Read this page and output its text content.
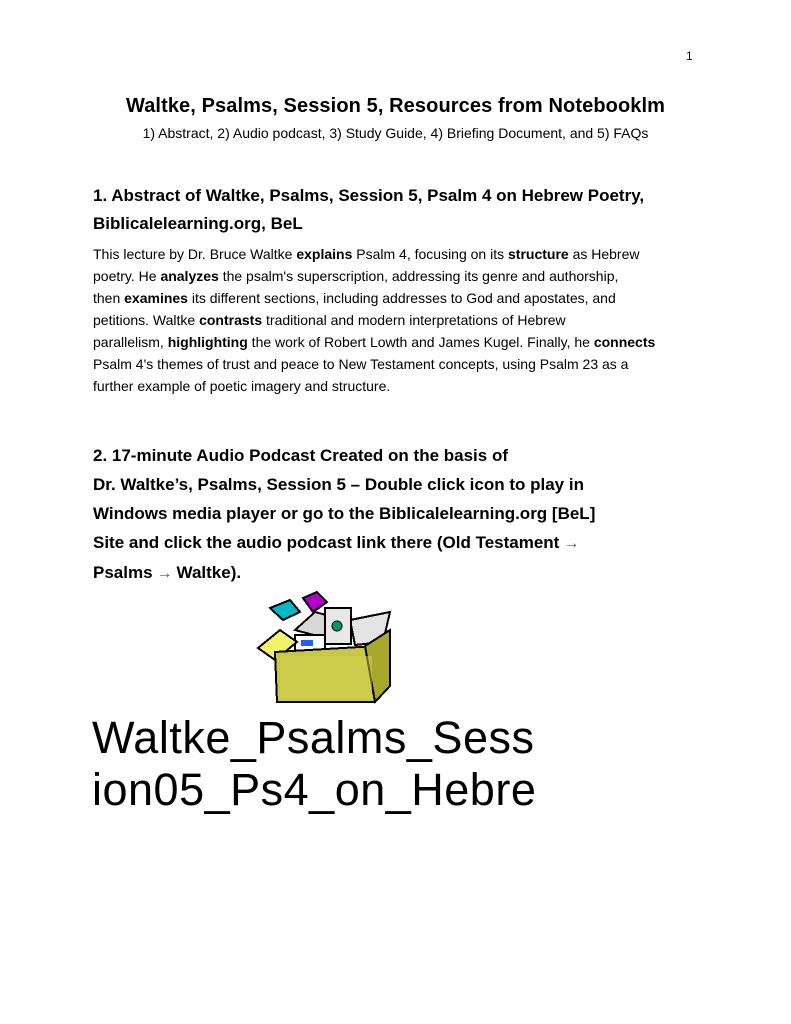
1
Waltke, Psalms, Session 5, Resources from Notebooklm
1) Abstract, 2) Audio podcast, 3) Study Guide, 4) Briefing Document, and 5) FAQs
1. Abstract of Waltke, Psalms, Session 5, Psalm 4 on Hebrew Poetry,
Biblicalelearning.org, BeL
This lecture by Dr. Bruce Waltke explains Psalm 4, focusing on its structure as Hebrew
poetry. He analyzes the psalm's superscription, addressing its genre and authorship,
then examines its different sections, including addresses to God and apostates, and
petitions. Waltke contrasts traditional and modern interpretations of Hebrew
parallelism, highlighting the work of Robert Lowth and James Kugel. Finally, he connects
Psalm 4's themes of trust and peace to New Testament concepts, using Psalm 23 as a
further example of poetic imagery and structure.
2. 17-minute Audio Podcast Created on the basis of
Dr. Waltke’s, Psalms, Session 5 – Double click icon to play in
Windows media player or go to the Biblicalelearning.org [BeL]
Site and click the audio podcast link there (Old Testament →
Psalms → Waltke).
Waltke_Psalms_Sess
ion05_Ps4_on_Hebre
